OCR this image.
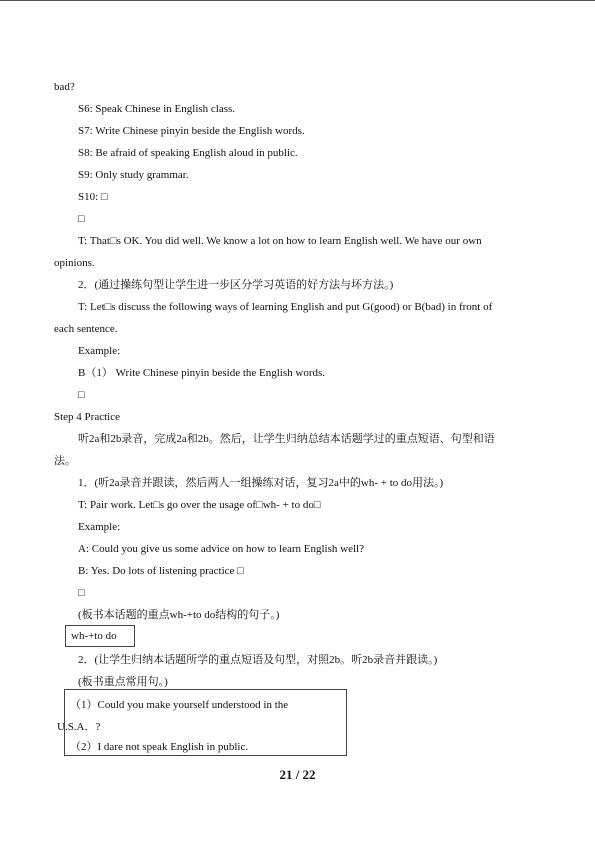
bad?
S6: Speak Chinese in English class.
S7: Write Chinese pinyin beside the English words.
S8: Be afraid of speaking English aloud in public.
S9: Only study grammar.
S10: □
□
T: That□s OK. You did well. We know a lot on how to learn English well. We have our own
opinions.
2．(通过操练句型让学生进一步区分学习英语的好方法与坏方法。)
T: Let□s discuss the following ways of learning English and put G(good) or B(bad) in front of
each sentence.
Example:
B（1） Write Chinese pinyin beside the English words.
□
Step 4 Practice
听2a和2b录音，完成2a和2b。然后，让学生归纳总结本话题学过的重点短语、句型和语
法。
1．(听2a录音并跟读，然后两人一组操练对话，复习2a中的wh- + to do用法。)
T: Pair work. Let□s go over the usage of□wh- + to do□
Example:
A: Could you give us some advice on how to learn English well?
B: Yes. Do lots of listening practice □
□
(板书本话题的重点wh-+to do结构的句子。)
wh-+to do
2．(让学生归纳本话题所学的重点短语及句型，对照2b。听2b录音并跟读。)
(板书重点常用句。)
（1）Could you make yourself understood in the
U.S.A．?
（2）I dare not speak English in public.
21 / 22
